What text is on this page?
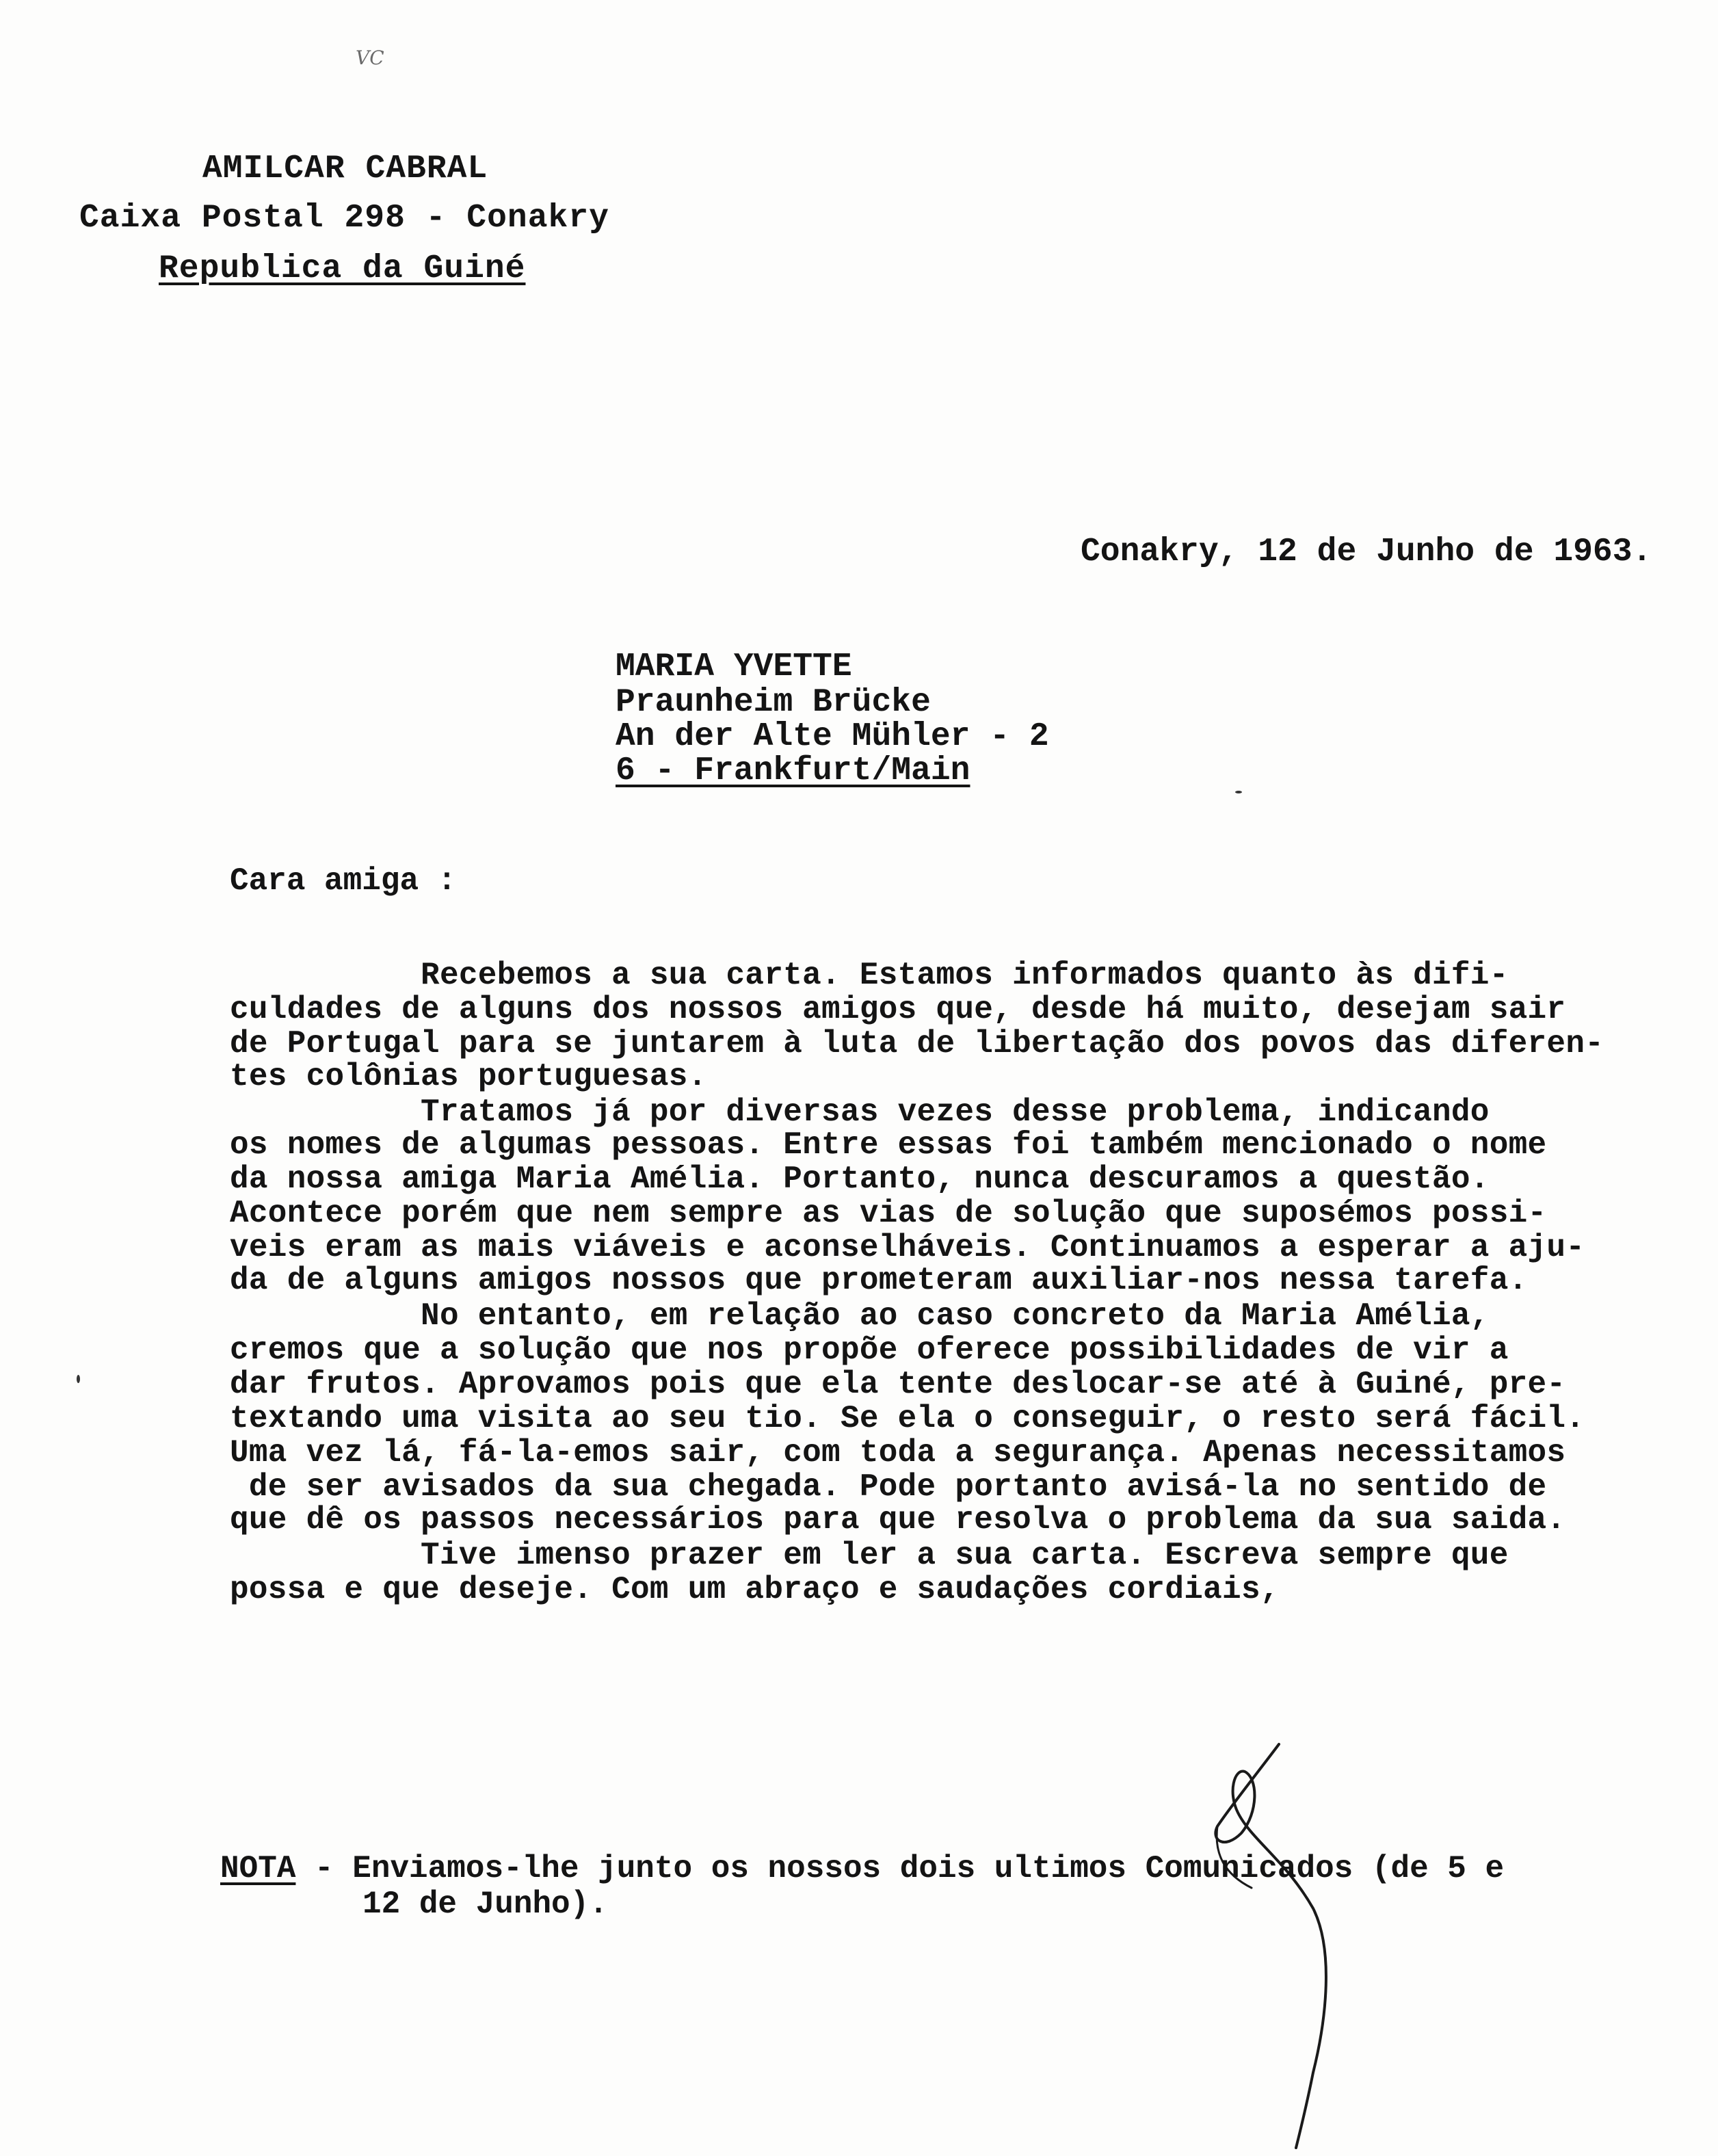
VC
AMILCAR CABRAL
Caixa Postal 298 - Conakry
Republica da Guiné
Conakry, 12 de Junho de 1963.
MARIA YVETTE
Praunheim Brücke
An der Alte Mühler - 2
6 - Frankfurt/Main
Cara amiga :
Recebemos a sua carta. Estamos informados quanto às difi-
culdades de alguns dos nossos amigos que, desde há muito, desejam sair
de Portugal para se juntarem à luta de libertação dos povos das diferen-
tes colônias portuguesas.
Tratamos já por diversas vezes desse problema, indicando
os nomes de algumas pessoas. Entre essas foi também mencionado o nome
da nossa amiga Maria Amélia. Portanto, nunca descuramos a questão.
Acontece porém que nem sempre as vias de solução que suposémos possi-
veis eram as mais viáveis e aconselháveis. Continuamos a esperar a aju-
da de alguns amigos nossos que prometeram auxiliar-nos nessa tarefa.
No entanto, em relação ao caso concreto da Maria Amélia,
cremos que a solução que nos propõe oferece possibilidades de vir a
dar frutos. Aprovamos pois que ela tente deslocar-se até à Guiné, pre-
textando uma visita ao seu tio. Se ela o conseguir, o resto será fácil.
Uma vez lá, fá-la-emos sair, com toda a segurança. Apenas necessitamos
de ser avisados da sua chegada. Pode portanto avisá-la no sentido de
que dê os passos necessários para que resolva o problema da sua saida.
Tive imenso prazer em ler a sua carta. Escreva sempre que
possa e que deseje. Com um abraço e saudações cordiais,
NOTA - Enviamos-lhe junto os nossos dois ultimos Comunicados (de 5 e
12 de Junho).
